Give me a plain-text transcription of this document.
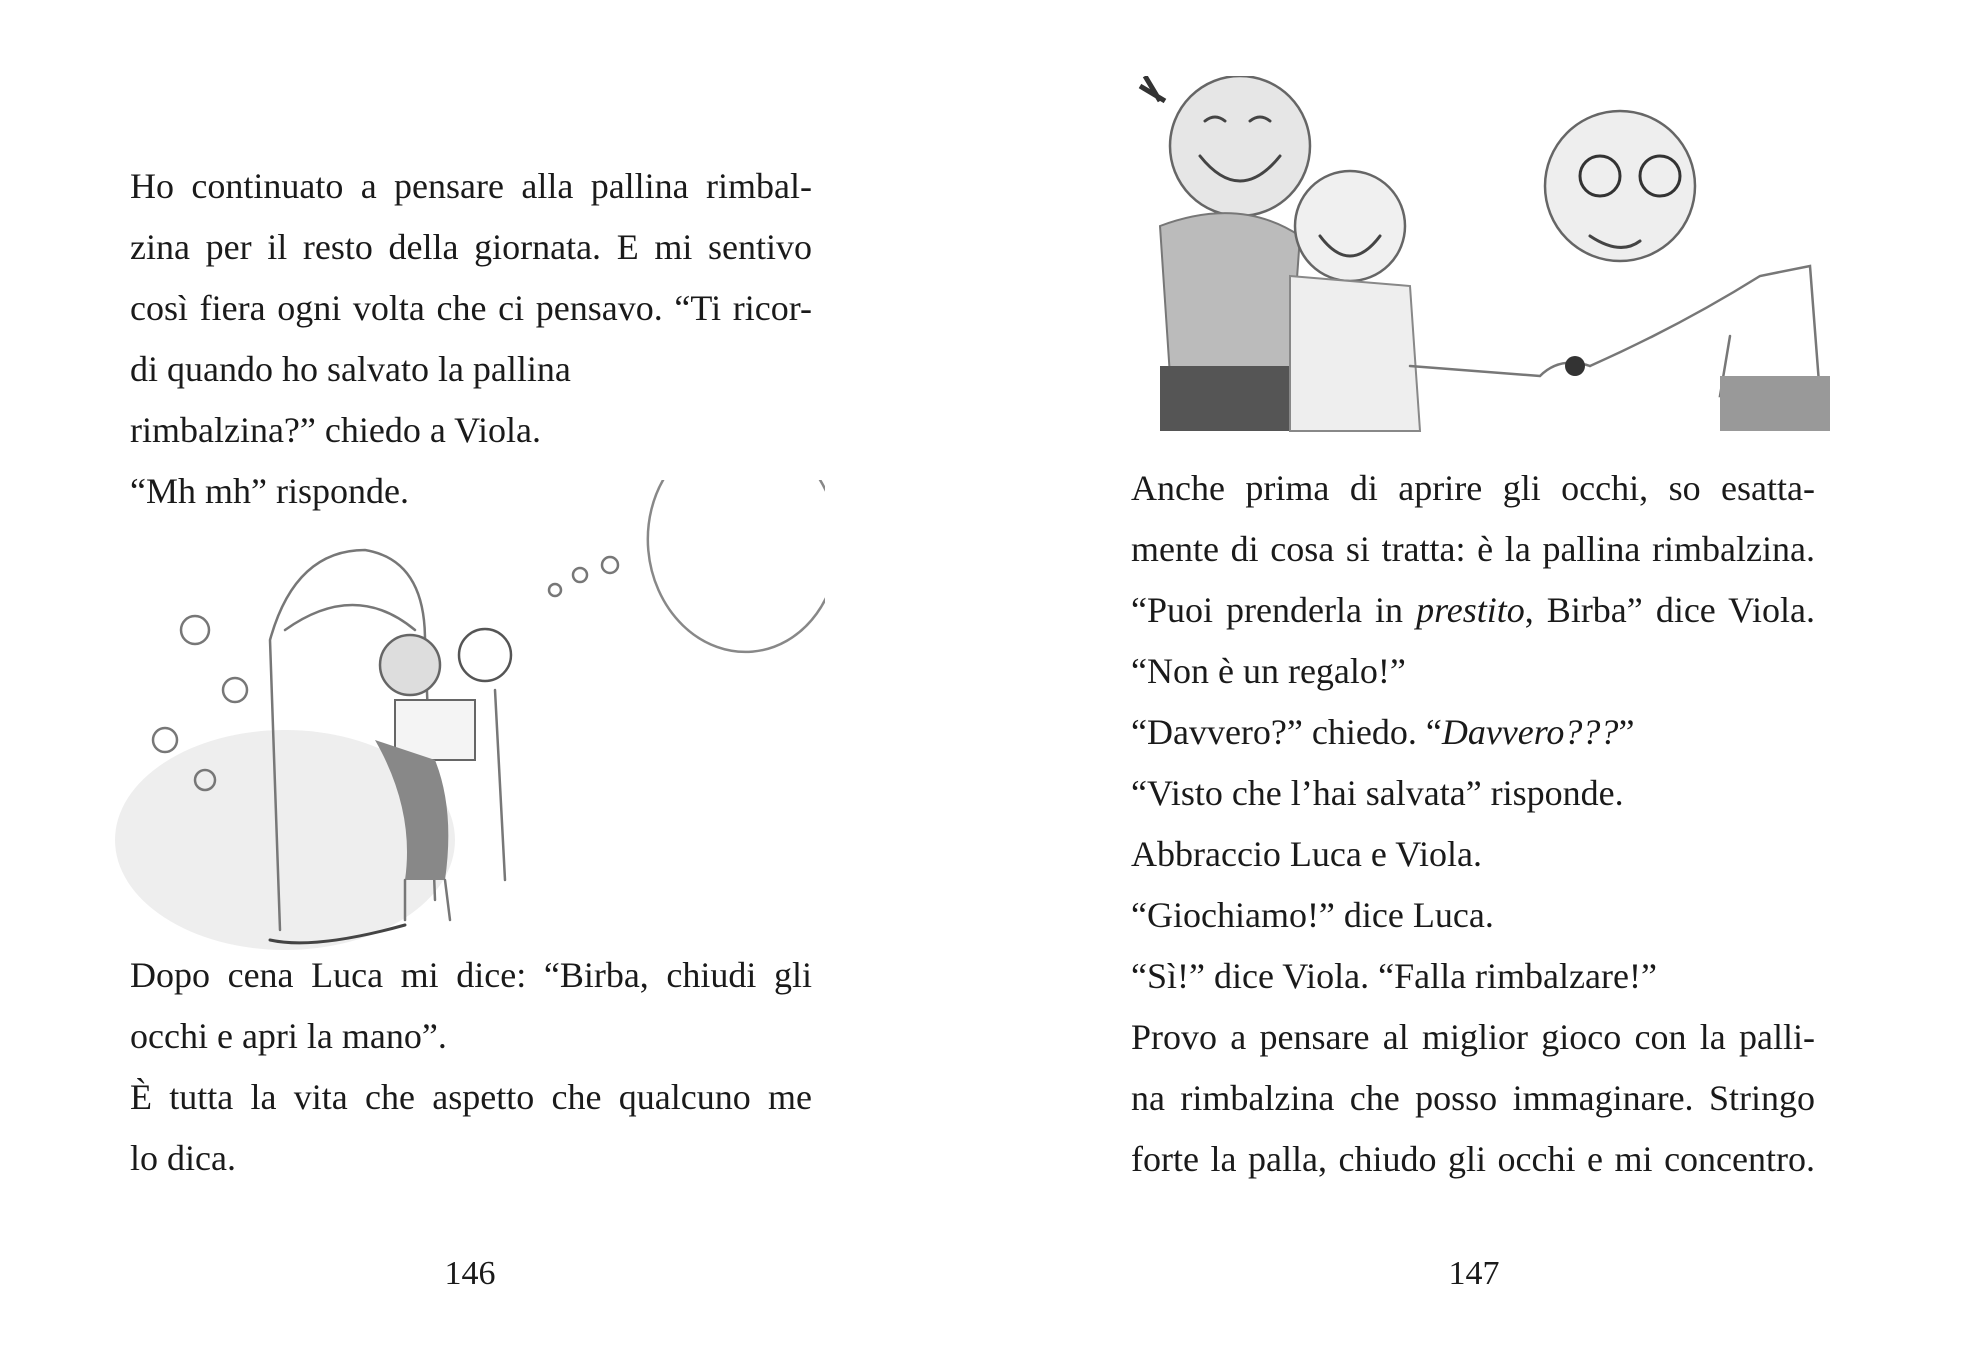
Ho continuato a pensare alla pallina rimbal-
zina per il resto della giornata. E mi sentivo
così fiera ogni volta che ci pensavo. “Ti ricor-
di quando ho salvato la pallina
rimbalzina?” chiedo a Viola.
“Mh mh” risponde.
Dopo cena Luca mi dice: “Birba, chiudi gli
occhi e apri la mano”.
È tutta la vita che aspetto che qualcuno me
lo dica.
146
Anche prima di aprire gli occhi, so esatta-
mente di cosa si tratta: è la pallina rimbalzina.
“Puoi prenderla in prestito, Birba” dice Viola.
“Non è un regalo!”
“Davvero?” chiedo. “Davvero???”
“Visto che l’hai salvata” risponde.
Abbraccio Luca e Viola.
“Giochiamo!” dice Luca.
“Sì!” dice Viola. “Falla rimbalzare!”
Provo a pensare al miglior gioco con la palli-
na rimbalzina che posso immaginare. Stringo
forte la palla, chiudo gli occhi e mi concentro.
147
